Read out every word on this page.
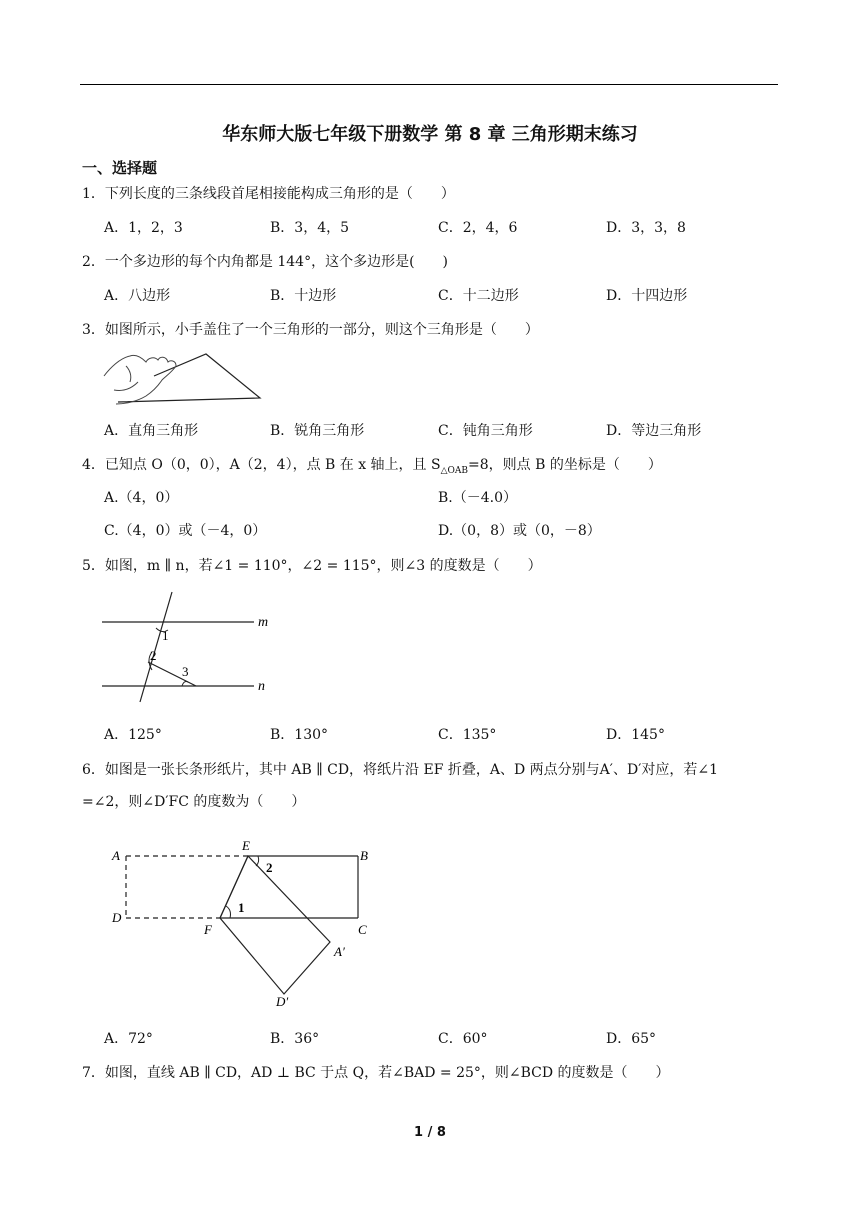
华东师大版七年级下册数学 第 8 章 三角形期末练习
一、选择题
1．下列长度的三条线段首尾相接能构成三角形的是（　　）
A．1，2，3	B．3，4，5	C．2，4，6	D．3，3，8
2．一个多边形的每个内角都是 144°，这个多边形是(　　)
A．八边形	B．十边形	C．十二边形	D．十四边形
3．如图所示，小手盖住了一个三角形的一部分，则这个三角形是（　　）
A．直角三角形	B．锐角三角形	C．钝角三角形	D．等边三角形
4．已知点 O（0，0），A（2，4），点 B 在 x 轴上，且 $S_{\triangle OAB}=8$，则点 B 的坐标是（　　）
A.（4，0）	B.（－4.0）
C.（4，0）或（－4，0）	D.（0，8）或（0，－8）
5．如图，m ∥ n，若∠1 = 110°，∠2 = 115°，则∠3 的度数是（　　）
m
n
1
2
3
A．125°	B．130°	C．135°	D．145°
6．如图是一张长条形纸片，其中 AB ∥ CD，将纸片沿 EF 折叠，A、D 两点分别与A′、D′对应，若∠1
=∠2，则∠D′FC 的度数为（　　）
A
E
B
D
F	C
A′
D′
2
1
A．72°	B．36°	C．60°	D．65°
7．如图，直线 AB ∥ CD，AD ⊥ BC 于点 Q，若∠BAD = 25°，则∠BCD 的度数是（　　）
1 / 8
